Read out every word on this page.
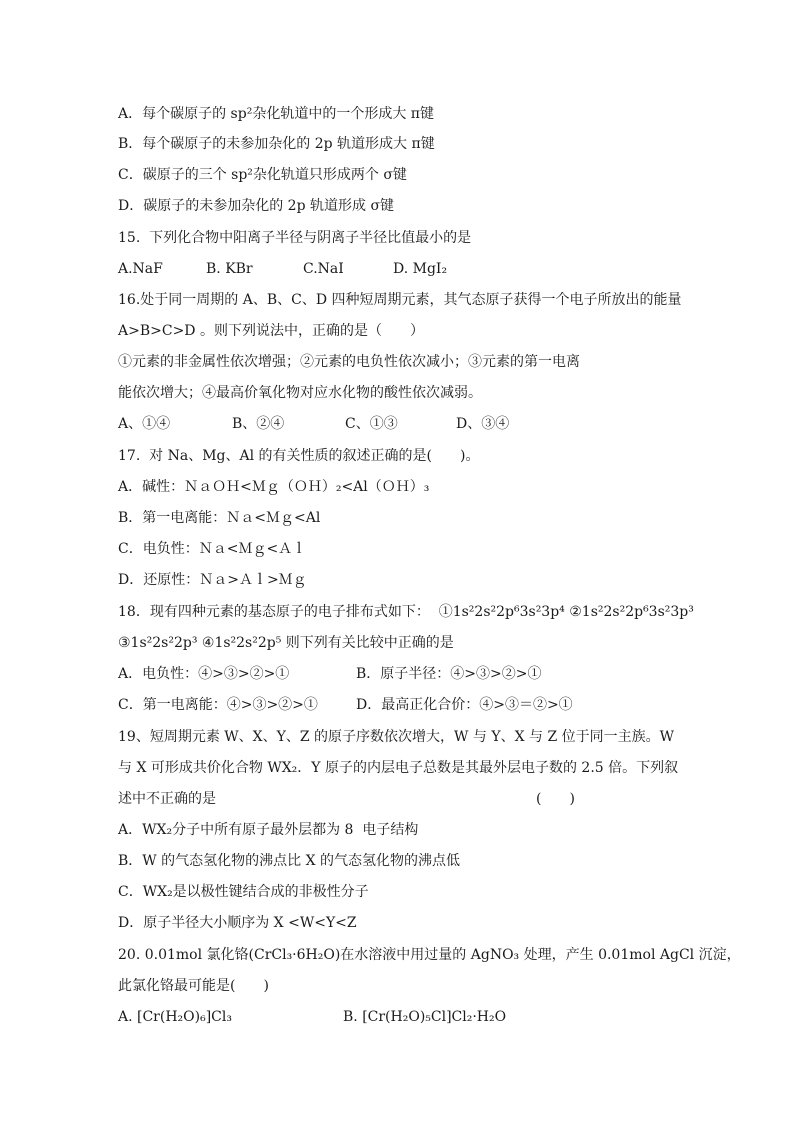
A．每个碳原子的 sp²杂化轨道中的一个形成大 π键
B．每个碳原子的未参加杂化的 2p 轨道形成大 π键
C．碳原子的三个 sp²杂化轨道只形成两个 σ键
D．碳原子的未参加杂化的 2p 轨道形成 σ键
15.  下列化合物中阳离子半径与阴离子半径比值最小的是
A.NaF	B. KBr	C.NaI	D. MgI₂
16.处于同一周期的 A、B、C、D 四种短周期元素，其气态原子获得一个电子所放出的能量
A>B>C>D 。则下列说法中，正确的是（　　）
①元素的非金属性依次增强；②元素的电负性依次减小；③元素的第一电离
能依次增大；④最高价氧化物对应水化物的酸性依次减弱。
A、①④	B、②④	C、①③	D、③④
17.  对 Na、Mg、Al 的有关性质的叙述正确的是(　　)。
A．碱性：ＮａＯＨ<Ｍｇ（ＯＨ）₂<Al（ＯＨ）₃
B．第一电离能：Ｎａ<Ｍｇ<Al
C．电负性：Ｎａ<Ｍｇ<Ａｌ
D．还原性：Ｎａ>Ａｌ>Ｍｇ
18．现有四种元素的基态原子的电子排布式如下：  ①1s²2s²2p⁶3s²3p⁴ ②1s²2s²2p⁶3s²3p³
③1s²2s²2p³ ④1s²2s²2p⁵ 则下列有关比较中正确的是
A．电负性：④>③>②>①	B．原子半径：④>③>②>①
C．第一电离能：④>③>②>①	D．最高正化合价：④>③＝②>①
19、短周期元素 W、X、Y、Z 的原子序数依次增大，W 与 Y、X 与 Z 位于同一主族。W
与 X 可形成共价化合物 WX₂．Y 原子的内层电子总数是其最外层电子数的 2.5 倍。下列叙
述中不正确的是	(　　)
A．WX₂分子中所有原子最外层都为 8  电子结构
B．W 的气态氢化物的沸点比 X 的气态氢化物的沸点低
C．WX₂是以极性键结合成的非极性分子
D．原子半径大小顺序为 X <W<Y<Z
20. 0.01mol 氯化铬(CrCl₃·6H₂O)在水溶液中用过量的 AgNO₃ 处理，产生 0.01mol AgCl 沉淀，
此氯化铬最可能是(　　)
A. [Cr(H₂O)₆]Cl₃	B. [Cr(H₂O)₅Cl]Cl₂·H₂O
